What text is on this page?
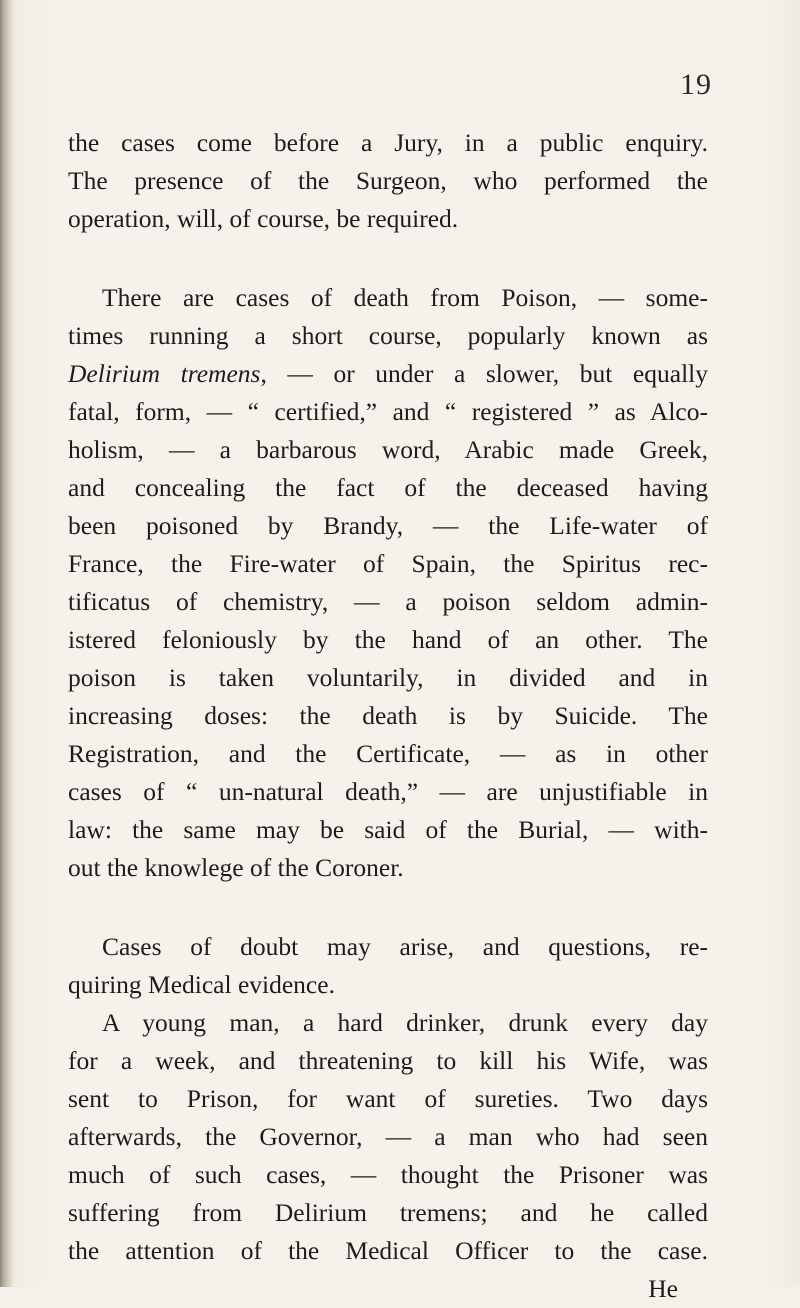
19
the cases come before a Jury, in a public enquiry.
The presence of the Surgeon, who performed the
operation, will, of course, be required.
There are cases of death from Poison, — some-
times running a short course, popularly known as
Delirium tremens, — or under a slower, but equally
fatal, form, — “ certified,” and “ registered ” as Alco-
holism, — a barbarous word, Arabic made Greek,
and concealing the fact of the deceased having
been poisoned by Brandy, — the Life-water of
France, the Fire-water of Spain, the Spiritus rec-
tificatus of chemistry, — a poison seldom admin-
istered feloniously by the hand of an other. The
poison is taken voluntarily, in divided and in
increasing doses: the death is by Suicide. The
Registration, and the Certificate, — as in other
cases of “ un-natural death,” — are unjustifiable in
law: the same may be said of the Burial, — with-
out the knowlege of the Coroner.
Cases of doubt may arise, and questions, re-
quiring Medical evidence.
A young man, a hard drinker, drunk every day
for a week, and threatening to kill his Wife, was
sent to Prison, for want of sureties. Two days
afterwards, the Governor, — a man who had seen
much of such cases, — thought the Prisoner was
suffering from Delirium tremens; and he called
the attention of the Medical Officer to the case.
He
